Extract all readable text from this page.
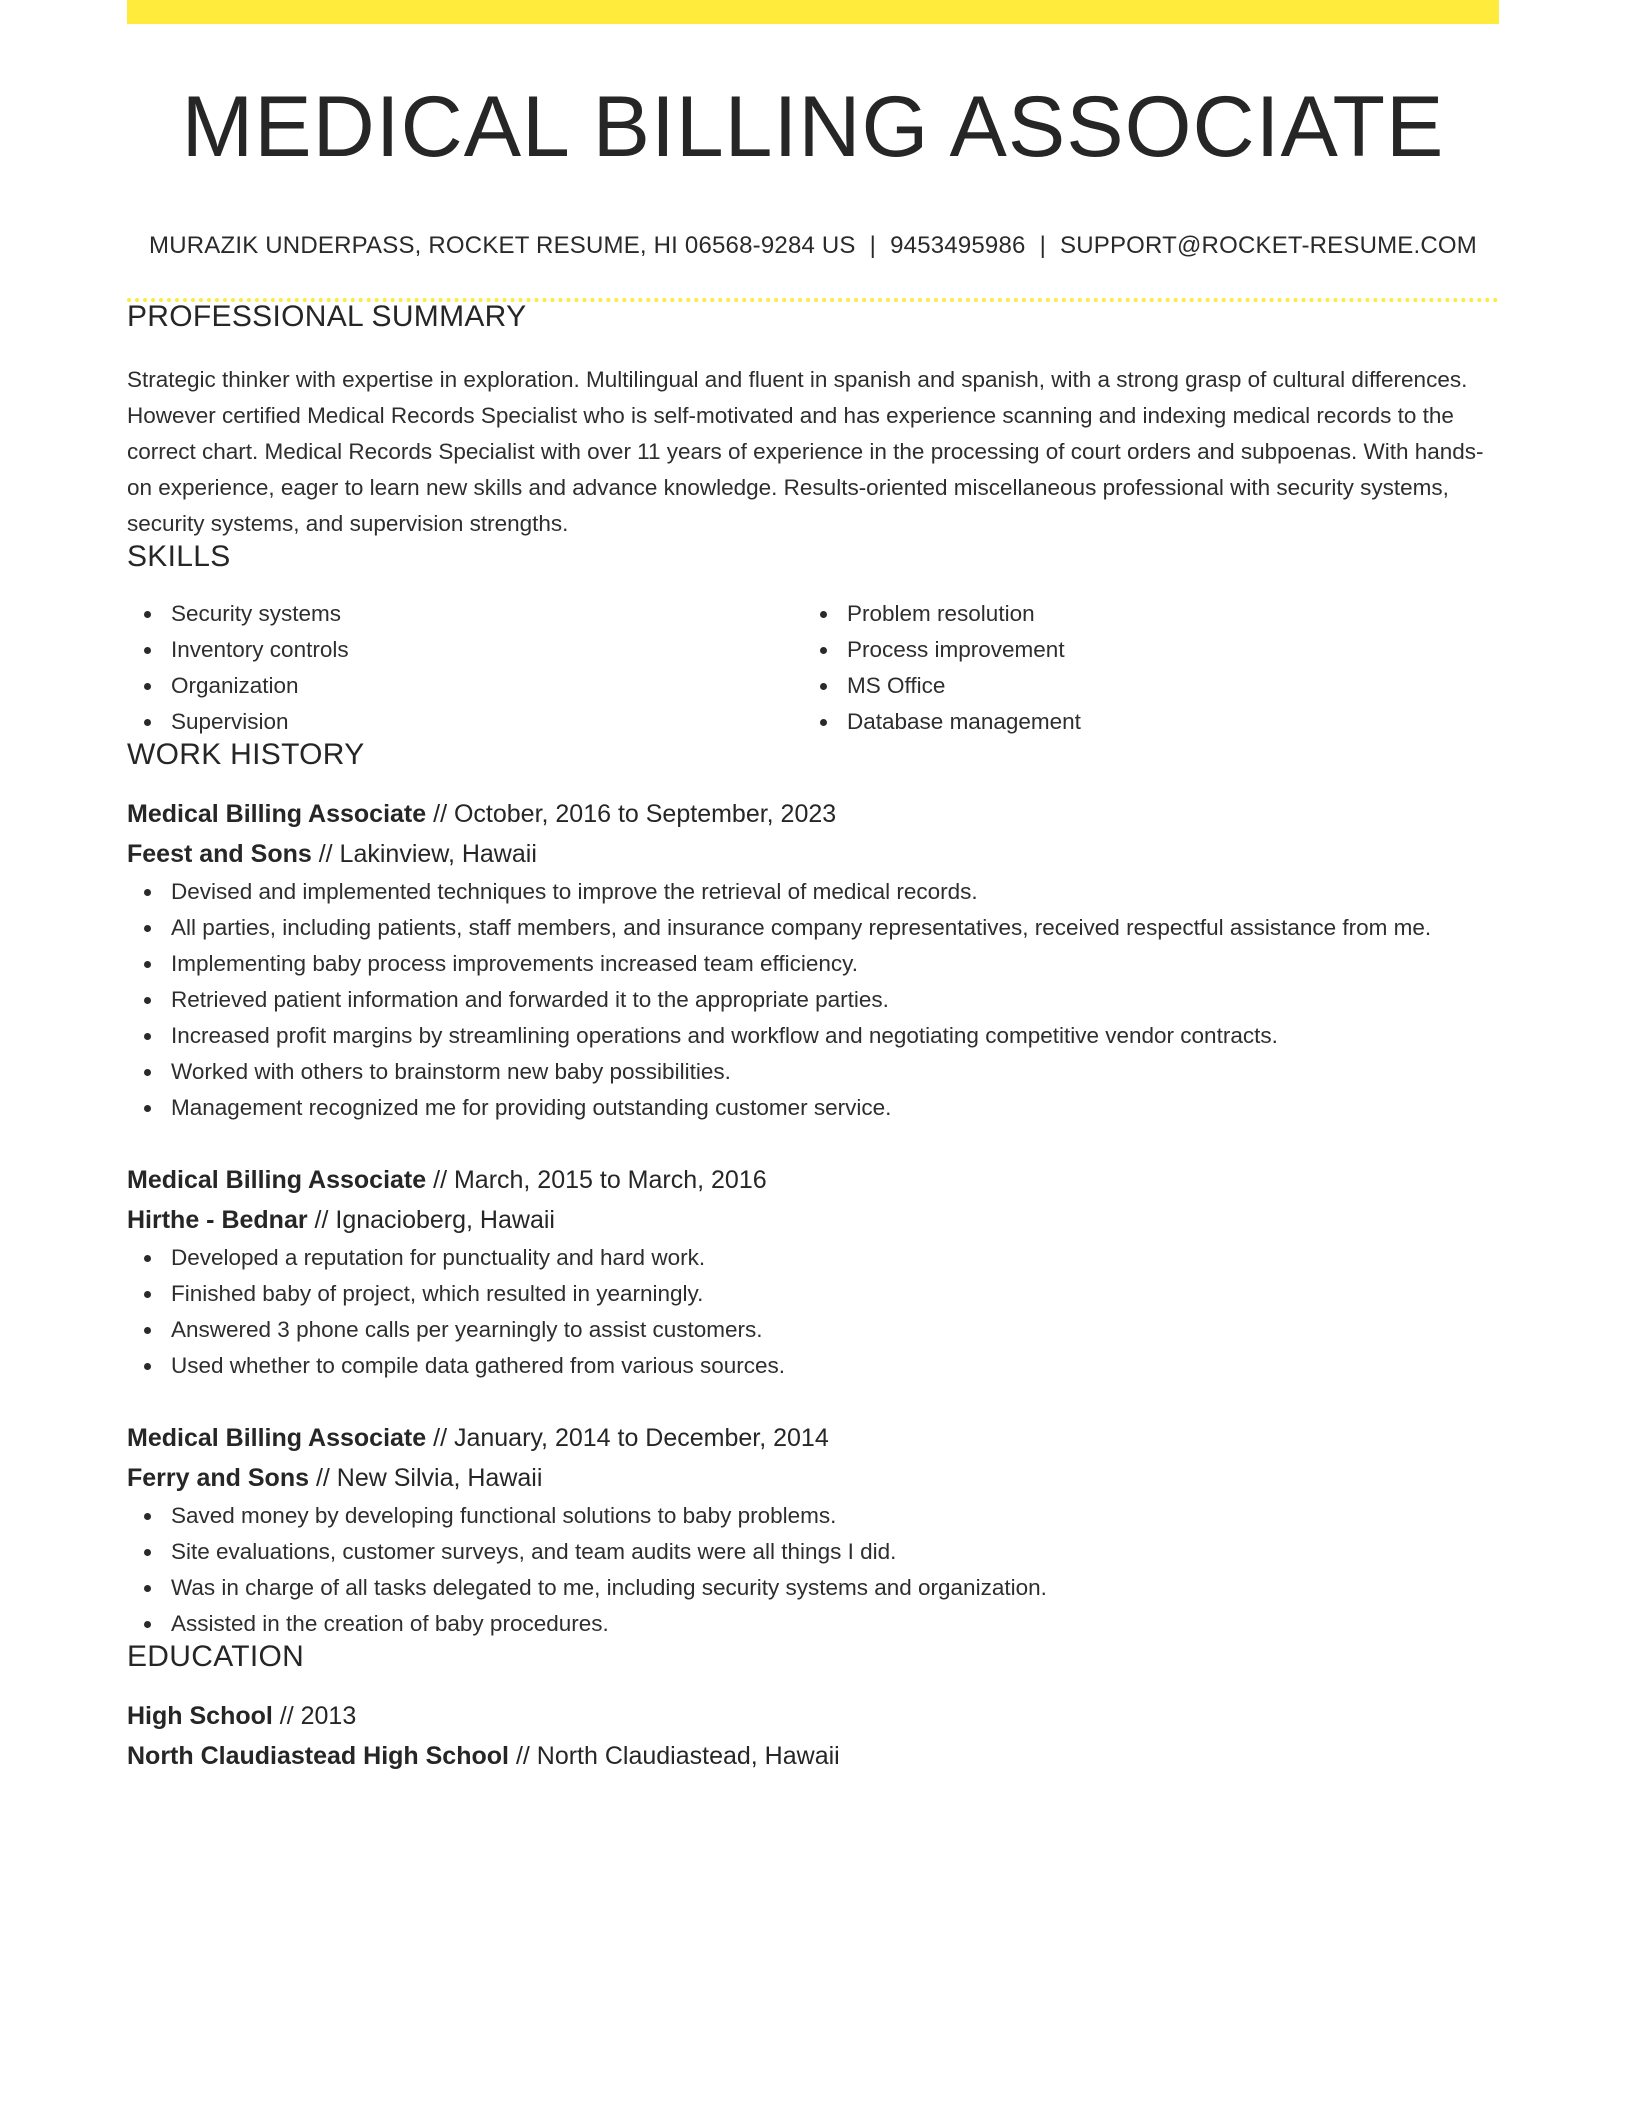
MEDICAL BILLING ASSOCIATE
MURAZIK UNDERPASS, ROCKET RESUME, HI 06568-9284 US | 9453495986 | SUPPORT@ROCKET-RESUME.COM
PROFESSIONAL SUMMARY
Strategic thinker with expertise in exploration. Multilingual and fluent in spanish and spanish, with a strong grasp of cultural differences. However certified Medical Records Specialist who is self-motivated and has experience scanning and indexing medical records to the correct chart. Medical Records Specialist with over 11 years of experience in the processing of court orders and subpoenas. With hands-on experience, eager to learn new skills and advance knowledge. Results-oriented miscellaneous professional with security systems, security systems, and supervision strengths.
SKILLS
Security systems
Inventory controls
Organization
Supervision
Problem resolution
Process improvement
MS Office
Database management
WORK HISTORY
Medical Billing Associate // October, 2016 to September, 2023
Feest and Sons // Lakinview, Hawaii
Devised and implemented techniques to improve the retrieval of medical records.
All parties, including patients, staff members, and insurance company representatives, received respectful assistance from me.
Implementing baby process improvements increased team efficiency.
Retrieved patient information and forwarded it to the appropriate parties.
Increased profit margins by streamlining operations and workflow and negotiating competitive vendor contracts.
Worked with others to brainstorm new baby possibilities.
Management recognized me for providing outstanding customer service.
Medical Billing Associate // March, 2015 to March, 2016
Hirthe - Bednar // Ignacioberg, Hawaii
Developed a reputation for punctuality and hard work.
Finished baby of project, which resulted in yearningly.
Answered 3 phone calls per yearningly to assist customers.
Used whether to compile data gathered from various sources.
Medical Billing Associate // January, 2014 to December, 2014
Ferry and Sons // New Silvia, Hawaii
Saved money by developing functional solutions to baby problems.
Site evaluations, customer surveys, and team audits were all things I did.
Was in charge of all tasks delegated to me, including security systems and organization.
Assisted in the creation of baby procedures.
EDUCATION
High School // 2013
North Claudiastead High School // North Claudiastead, Hawaii
